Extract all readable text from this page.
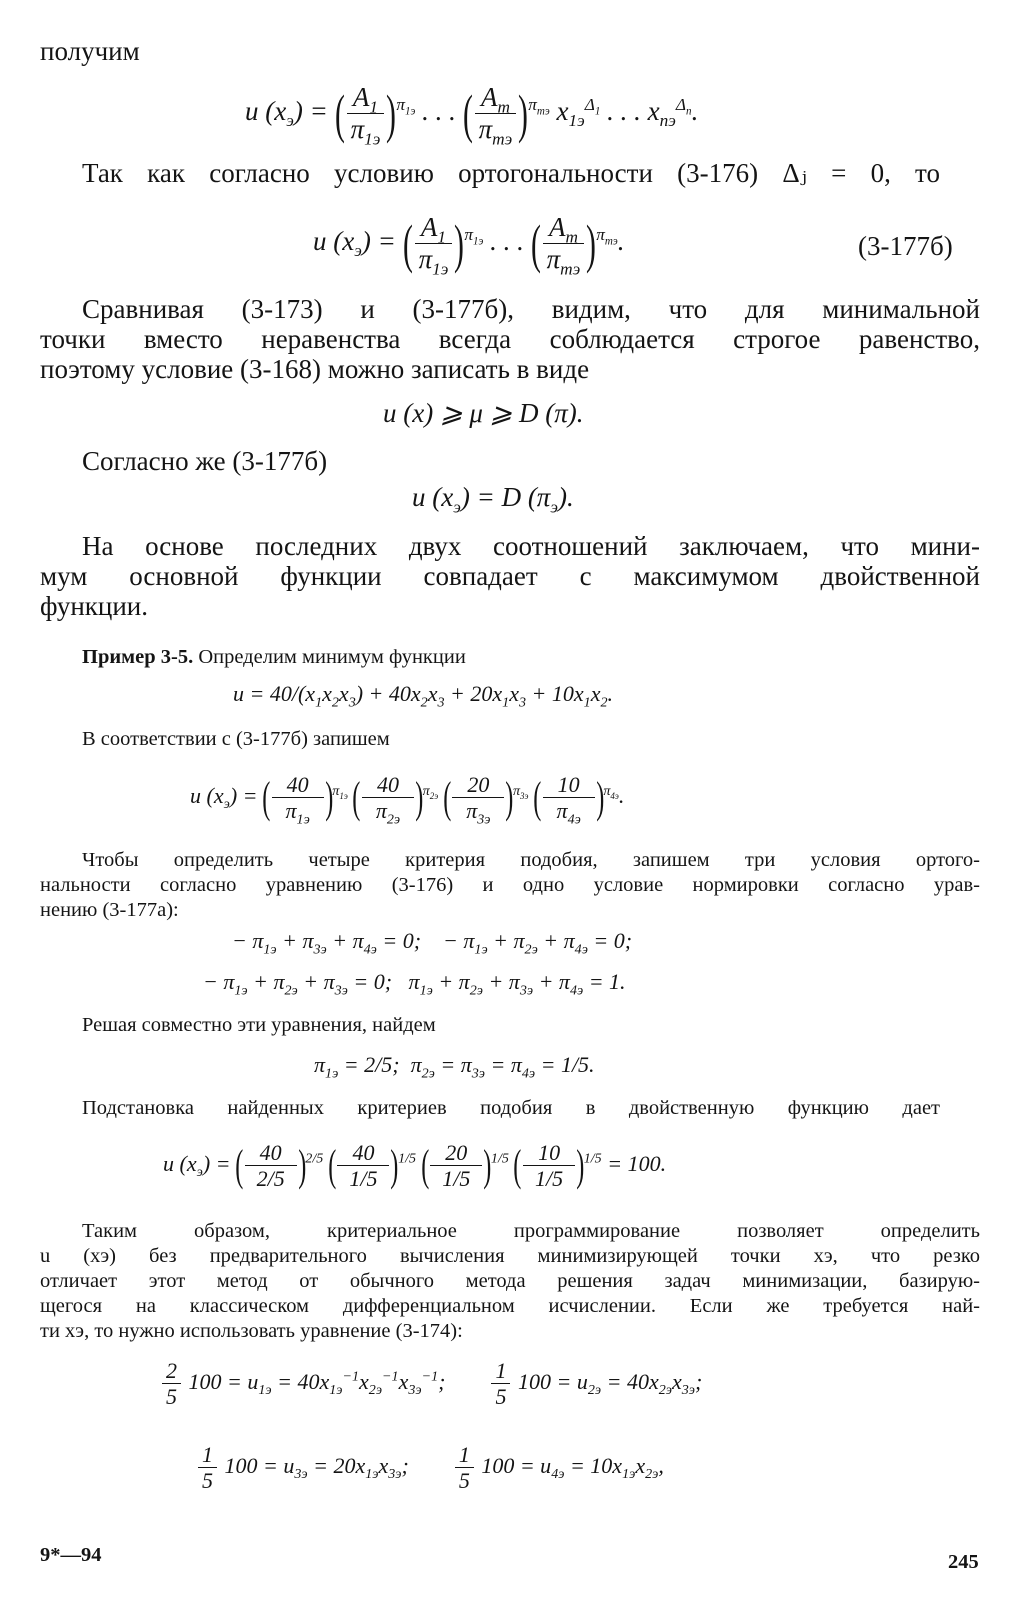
получим
u $(x_э)$ = ( $\frac{A_1}{\pi_{1э}} )^{\pi_{1э}}$ . . . ( $\frac{A_m}{\pi_{mэ}} )^{\pi_{mэ}}$ $x_{1э}^{\Delta_1}$ . . . $x_{nэ}^{\Delta_n}$.
Так как согласно условию ортогональности (3-176) Δⱼ = 0, то
u $(x_э)$ = ( $\frac{A_1}{\pi_{1э}} )^{\pi_{1э}}$ . . . ( $\frac{A_m}{\pi_{mэ}} )^{\pi_{mэ}}$.	(3-177б)
Сравнивая (3-173) и (3-177б), видим, что для минимальной
точки вместо неравенства всегда соблюдается строгое равенство,
поэтому условие (3-168) можно записать в виде
u (x) ⩾ μ ⩾ D (π).
Согласно же (3-177б)
u $(x_э) = D$ $(\pi_э)$.
На основе последних двух соотношений заключаем, что мини-
мум основной функции совпадает с максимумом двойственной
функции.
Пример 3-5. Определим минимум функции
$u = 40/(x_1x_2x_3) + 40x_2x_3 + 20x_1x_3 + 10x_1x_2$.
В соответствии с (3-177б) запишем
u $(x_э)$ = ( $\frac{40}{\pi_{1э}} )^{\pi_{1э}}$ ( $\frac{40}{\pi_{2э}} )^{\pi_{2э}}$ ( $\frac{20}{\pi_{3э}} )^{\pi_{3э}}$ ( $\frac{10}{\pi_{4э}} )^{\pi_{4э}}$.
Чтобы определить четыре критерия подобия, запишем три условия ортого-
нальности согласно уравнению (3-176) и одно условие нормировки согласно урав-
нению (3-177а):
− $\pi_{1э} + \pi_{3э} + \pi_{4э} = 0$;    − $\pi_{1э} + \pi_{2э} + \pi_{4э} = 0$;
− $\pi_{1э} + \pi_{2э} + \pi_{3э} = 0$;   $\pi_{1э} + \pi_{2э} + \pi_{3э} + \pi_{4э} = 1$.
Решая совместно эти уравнения, найдем
$\pi_{1э} = 2/5$;  $\pi_{2э} = \pi_{3э} = \pi_{4э} = 1/5$.
Подстановка найденных критериев подобия в двойственную функцию дает
u $(x_э)$ = ( $\frac{40}{2/5} )^{2/5}$ ( $\frac{40}{1/5} )^{1/5}$ ( $\frac{20}{1/5} )^{1/5}$ ( $\frac{10}{1/5} )^{1/5} = 100$.
Таким образом, критериальное программирование позволяет определить
u (xэ) без предварительного вычисления минимизирующей точки xэ, что резко
отличает этот метод от обычного метода решения задач минимизации, базирую-
щегося на классическом дифференциальном исчислении. Если же требуется най-
ти xэ, то нужно использовать уравнение (3-174):
$\frac{2}{5} 100 = u_{1э} = 40x_{1э}^{-1}x_{2э}^{-1}x_{3э}^{-1}$; $\frac{1}{5} 100 = u_{2э} = 40x_{2э}x_{3э}$;
$\frac{1}{5} 100 = u_{3э} = 20x_{1э}x_{3э}$; $\frac{1}{5} 100 = u_{4э} = 10x_{1э}x_{2э}$,
9*—94	245
